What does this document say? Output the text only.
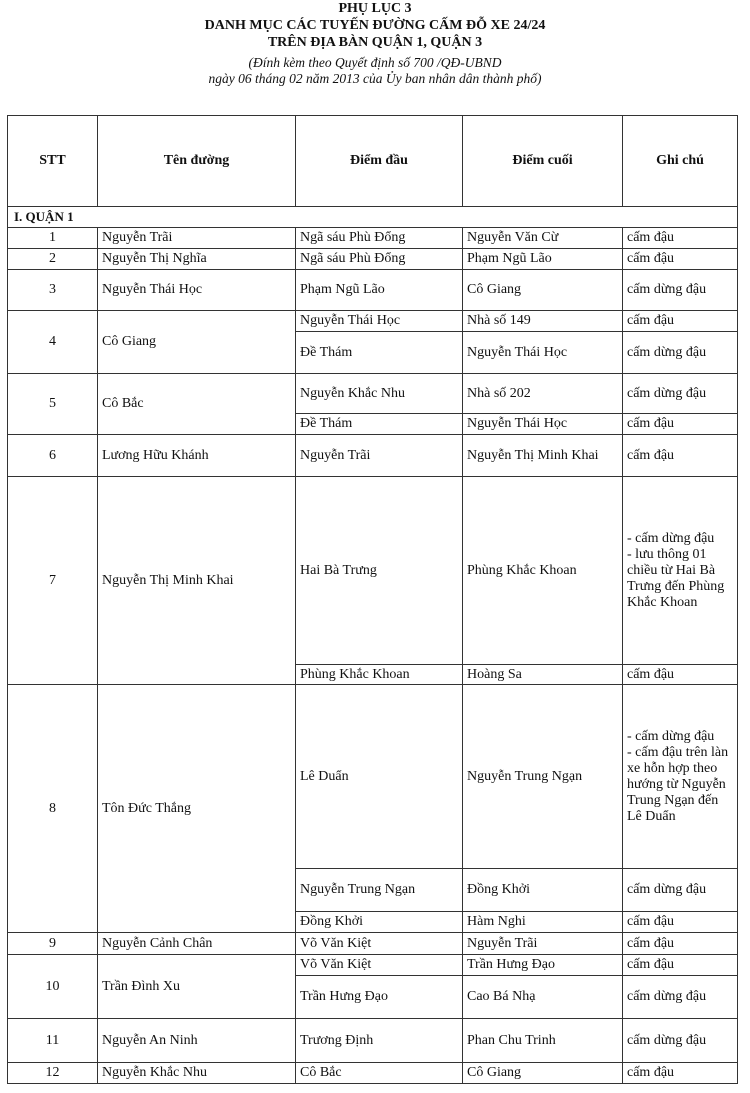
PHỤ LỤC 3
DANH MỤC CÁC TUYẾN ĐƯỜNG CẤM ĐỖ XE 24/24
TRÊN ĐỊA BÀN QUẬN 1, QUẬN 3
(Đính kèm theo Quyết định số 700 /QĐ-UBND
ngày 06 tháng 02 năm 2013 của Ủy ban nhân dân thành phố)
STT	Tên đường	Điểm đầu	Điểm cuối	Ghi chú
I. QUẬN 1				
1	Nguyễn Trãi	Ngã sáu Phù Đổng	Nguyễn Văn Cừ	cấm đậu
2	Nguyễn Thị Nghĩa	Ngã sáu Phù Đổng	Phạm Ngũ Lão	cấm đậu
3	Nguyễn Thái Học	Phạm Ngũ Lão	Cô Giang	cấm dừng đậu
4	Cô Giang	Nguyễn Thái Học	Nhà số 149	cấm đậu
		Đề Thám	Nguyễn Thái Học	cấm dừng đậu
5	Cô Bắc	Nguyễn Khắc Nhu	Nhà số 202	cấm dừng đậu
		Đề Thám	Nguyễn Thái Học	cấm đậu
6	Lương Hữu Khánh	Nguyễn Trãi	Nguyễn Thị Minh Khai	cấm đậu
7	Nguyễn Thị Minh Khai	Hai Bà Trưng	Phùng Khắc Khoan	- cấm dừng đậu
- lưu thông 01 chiều từ Hai Bà Trưng đến Phùng Khắc Khoan
		Phùng Khắc Khoan	Hoàng Sa	cấm đậu
8	Tôn Đức Thắng	Lê Duẩn	Nguyễn Trung Ngạn	- cấm dừng đậu
- cấm đậu trên làn xe hỗn hợp theo hướng từ Nguyễn Trung Ngạn đến Lê Duẩn
		Nguyễn Trung Ngạn	Đồng Khởi	cấm dừng đậu
		Đồng Khởi	Hàm Nghi	cấm đậu
9	Nguyễn Cảnh Chân	Võ Văn Kiệt	Nguyễn Trãi	cấm đậu
10	Trần Đình Xu	Võ Văn Kiệt	Trần Hưng Đạo	cấm đậu
		Trần Hưng Đạo	Cao Bá Nhạ	cấm dừng đậu
11	Nguyễn An Ninh	Trương Định	Phan Chu Trinh	cấm dừng đậu
12	Nguyễn Khắc Nhu	Cô Bắc	Cô Giang	cấm đậu
